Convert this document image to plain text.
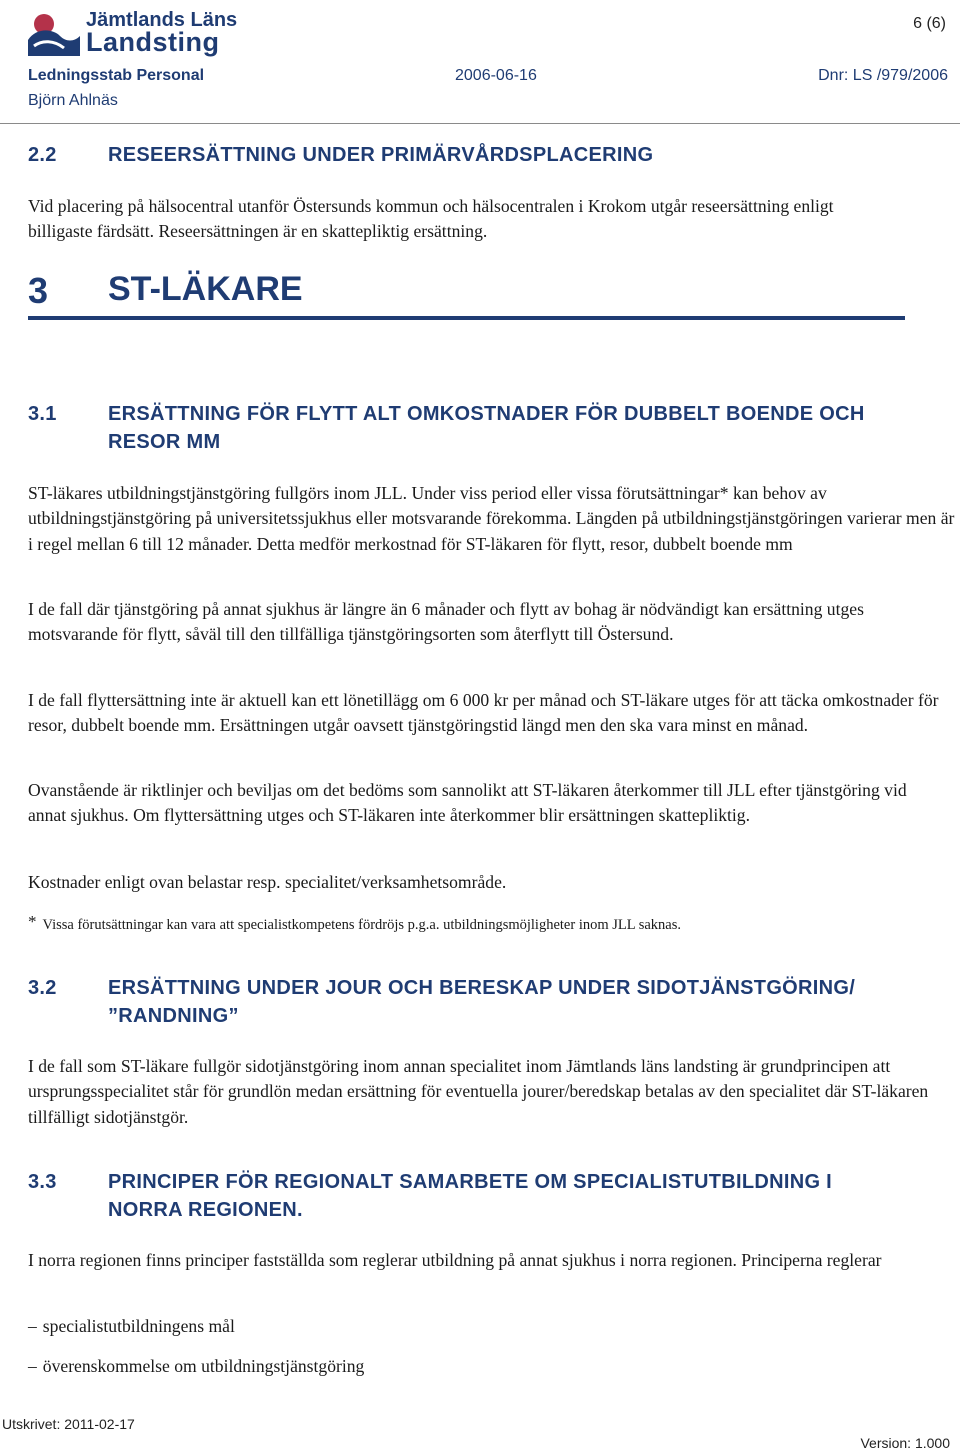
Jämtlands Läns
Landsting
6 (6)
Ledningsstab Personal	2006-06-16	Dnr: LS /979/2006
Björn Ahlnäs
2.2	RESEERSÄTTNING UNDER PRIMÄRVÅRDSPLACERING
Vid placering på hälsocentral utanför Östersunds kommun och hälsocentralen i Krokom utgår reseersättning enligt billigaste färdsätt. Reseersättningen är en skattepliktig ersättning.
3 ST-LÄKARE
3.1	ERSÄTTNING FÖR FLYTT ALT OMKOSTNADER FÖR DUBBELT BOENDE OCH
RESOR MM
ST-läkares utbildningstjänstgöring fullgörs inom JLL. Under viss period eller vissa förutsättningar* kan behov av utbildningstjänstgöring på universitetssjukhus eller motsvarande förekomma. Längden på utbildningstjänstgöringen varierar men är i regel mellan 6 till 12 månader. Detta medför merkostnad för ST-läkaren för flytt, resor, dubbelt boende mm
I de fall där tjänstgöring på annat sjukhus är längre än 6 månader och flytt av bohag är nödvändigt kan ersättning utges motsvarande för flytt, såväl till den tillfälliga tjänstgöringsorten som återflytt till Östersund.
I de fall flyttersättning inte är aktuell kan ett lönetillägg om 6 000 kr per månad och ST-läkare utges för att täcka omkostnader för resor, dubbelt boende mm. Ersättningen utgår oavsett tjänstgöringstid längd men den ska vara minst en månad.
Ovanstående är riktlinjer och beviljas om det bedöms som sannolikt att ST-läkaren återkommer till JLL efter tjänstgöring vid annat sjukhus. Om flyttersättning utges och ST-läkaren inte återkommer blir ersättningen skattepliktig.
Kostnader enligt ovan belastar resp. specialitet/verksamhetsområde.
* Vissa förutsättningar kan vara att specialistkompetens fördröjs p.g.a. utbildningsmöjligheter inom JLL saknas.
3.2	ERSÄTTNING UNDER JOUR OCH BERESKAP UNDER SIDOTJÄNSTGÖRING/
”RANDNING”
I de fall som ST-läkare fullgör sidotjänstgöring inom annan specialitet inom Jämtlands läns landsting är grundprincipen att ursprungsspecialitet står för grundlön medan ersättning för eventuella jourer/beredskap betalas av den specialitet där ST-läkaren tillfälligt sidotjänstgör.
3.3	PRINCIPER FÖR REGIONALT SAMARBETE OM SPECIALISTUTBILDNING I
NORRA REGIONEN.
I norra regionen finns principer fastställda som reglerar utbildning på annat sjukhus i norra regionen. Principerna reglerar
– specialistutbildningens mål
– överenskommelse om utbildningstjänstgöring
Utskrivet: 2011-02-17
Version: 1.000
